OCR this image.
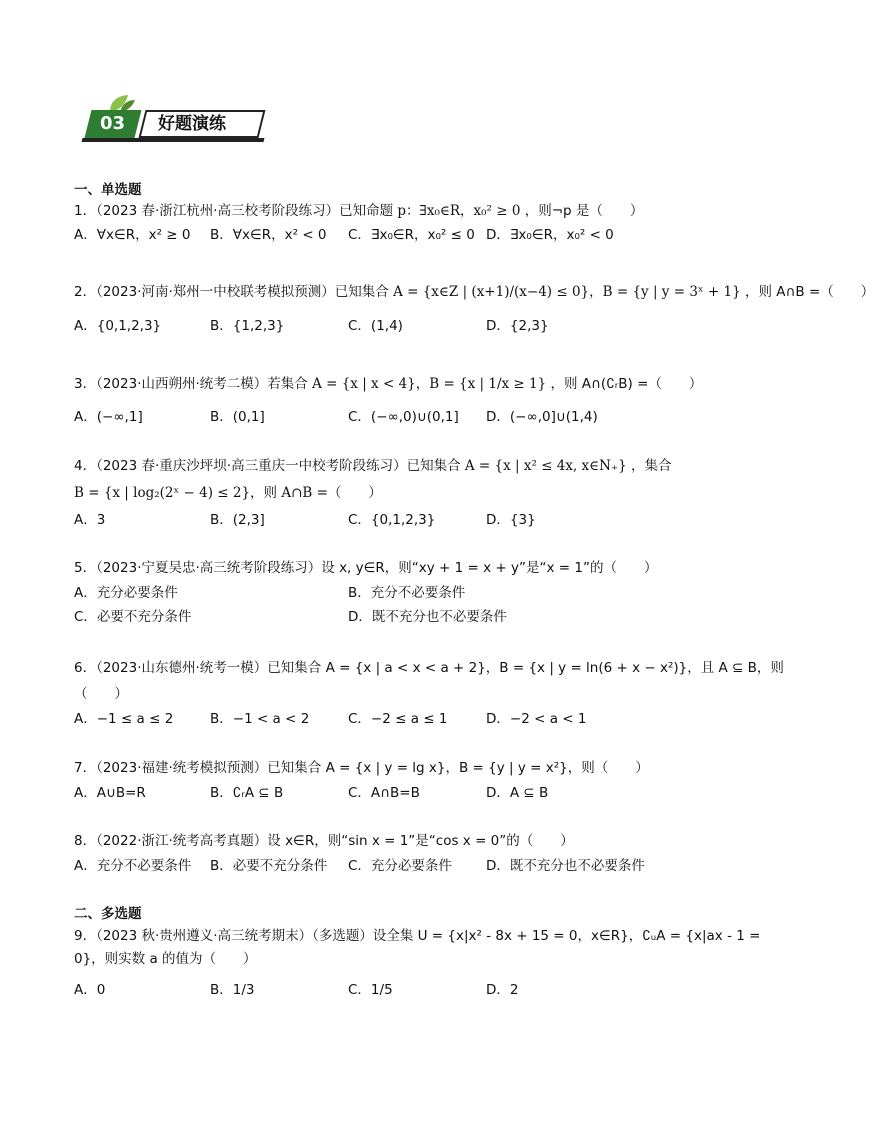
03	好题演练
一、单选题
1．（2023 春·浙江杭州·高三校考阶段练习）已知命题 p：∃x₀∈R，x₀² ≥ 0 ，则¬p 是（　　）
A．∀x∈R，x² ≥ 0 B．∀x∈R，x² < 0 C．∃x₀∈R，x₀² ≤ 0 D．∃x₀∈R，x₀² < 0
2．（2023·河南·郑州一中校联考模拟预测）已知集合 A = {x∈Z | (x+1)/(x−4) ≤ 0}，B = {y | y = 3ˣ + 1} ，则 A∩B =（　　）
A．{0,1,2,3}	B．{1,2,3}	C．(1,4)	D．{2,3}
3．（2023·山西朔州·统考二模）若集合 A = {x | x < 4}，B = {x | 1/x ≥ 1} ，则 A∩(∁ᵣB) =（　　）
A．(−∞,1]	B．(0,1]	C．(−∞,0)∪(0,1] D．(−∞,0]∪(1,4)
4．（2023 春·重庆沙坪坝·高三重庆一中校考阶段练习）已知集合 A = {x | x² ≤ 4x, x∈N₊} ，集合
B = {x | log₂(2ˣ − 4) ≤ 2}，则 A∩B =（　　）
A．3	B．(2,3]	C．{0,1,2,3}	D．{3}
5．（2023·宁夏吴忠·高三统考阶段练习）设 x, y∈R，则“xy + 1 = x + y”是“x = 1”的（　　）
A．充分必要条件	B．充分不必要条件
C．必要不充分条件	D．既不充分也不必要条件
6．（2023·山东德州·统考一模）已知集合 A = {x | a < x < a + 2}，B = {x | y = ln(6 + x − x²)}，且 A ⊆ B，则
（　　）
A．−1 ≤ a ≤ 2	B．−1 < a < 2	C．−2 ≤ a ≤ 1	D．−2 < a < 1
7．（2023·福建·统考模拟预测）已知集合 A = {x | y = lg x}，B = {y | y = x²}，则（　　）
A．A∪B=R	B．∁ᵣA ⊆ B	C．A∩B=B	D．A ⊆ B
8．（2022·浙江·统考高考真题）设 x∈R，则“sin x = 1”是“cos x = 0”的（　　）
A．充分不必要条件 B．必要不充分条件 C．充分必要条件	D．既不充分也不必要条件
二、多选题
9．（2023 秋·贵州遵义·高三统考期末）（多选题）设全集 U = {x|x² - 8x + 15 = 0，x∈R}，∁ᵤA = {x|ax - 1 =
0}，则实数 a 的值为（　　）
A．0	B．1/3	C．1/5	D．2
